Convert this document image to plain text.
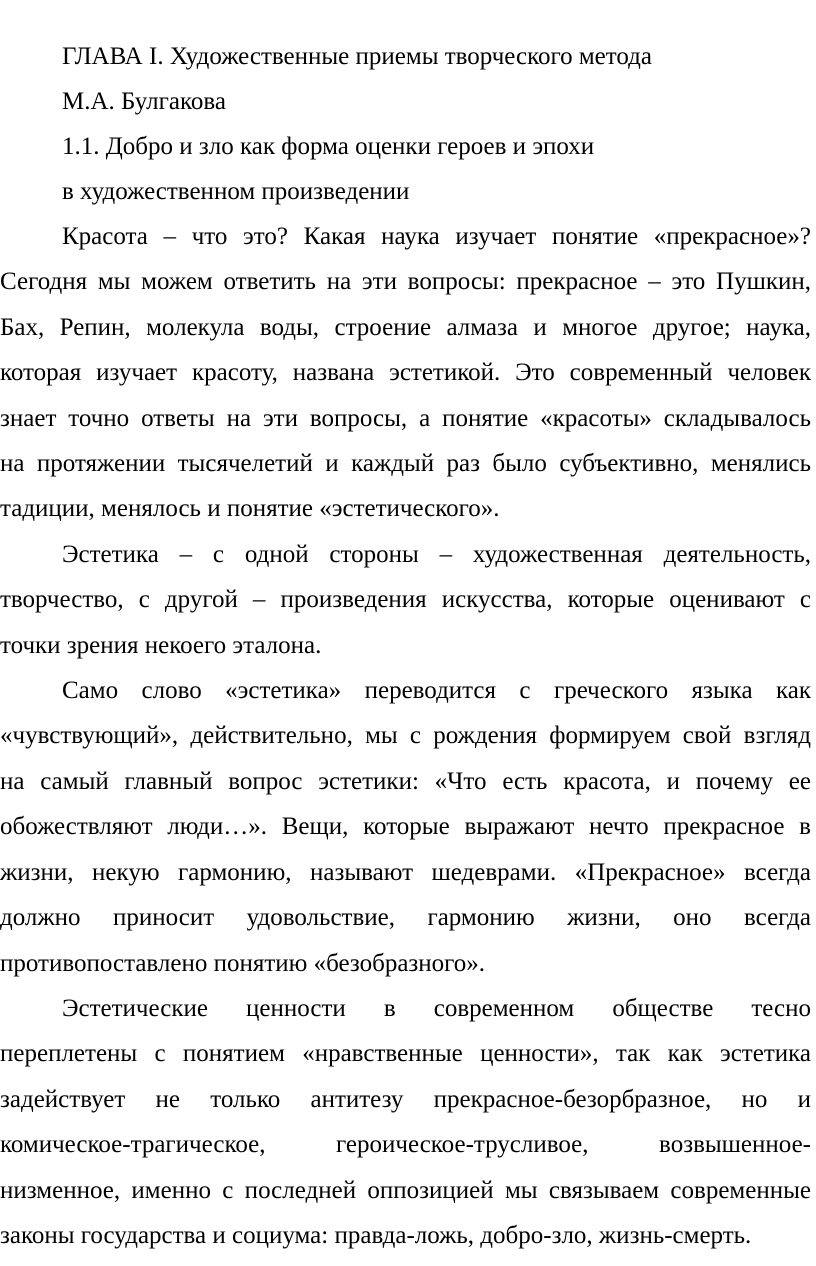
ГЛАВА I. Художественные приемы творческого метода

М.А. Булгакова

1.1. Добро и зло как форма оценки героев и эпохи

в художественном произведении

Красота – что это? Какая наука изучает понятие «прекрасное»?
Сегодня мы можем ответить на эти вопросы: прекрасное – это Пушкин,
Бах, Репин, молекула воды, строение алмаза и многое другое; наука,
которая изучает красоту, названа эстетикой. Это современный человек
знает точно ответы на эти вопросы, а понятие «красоты» складывалось
на протяжении тысячелетий и каждый раз было субъективно, менялись
тадиции, менялось и понятие «эстетического».
Эстетика – с одной стороны – художественная деятельность,
творчество, с другой – произведения искусства, которые оценивают с
точки зрения некоего эталона.
Само слово «эстетика» переводится с греческого языка как
«чувствующий», действительно, мы с рождения формируем свой взгляд
на самый главный вопрос эстетики: «Что есть красота, и почему ее
обожествляют люди…». Вещи, которые выражают нечто прекрасное в
жизни, некую гармонию, называют шедеврами. «Прекрасное» всегда
должно приносит удовольствие, гармонию жизни, оно всегда
противопоставлено понятию «безобразного».
Эстетические ценности в современном обществе тесно
переплетены с понятием «нравственные ценности», так как эстетика
задействует не только антитезу прекрасное-безорбразное, но и
комическое-трагическое, героическое-трусливое, возвышенное-
низменное, именно с последней оппозицией мы связываем современные
законы государства и социума: правда-ложь, добро-зло, жизнь-смерть.
